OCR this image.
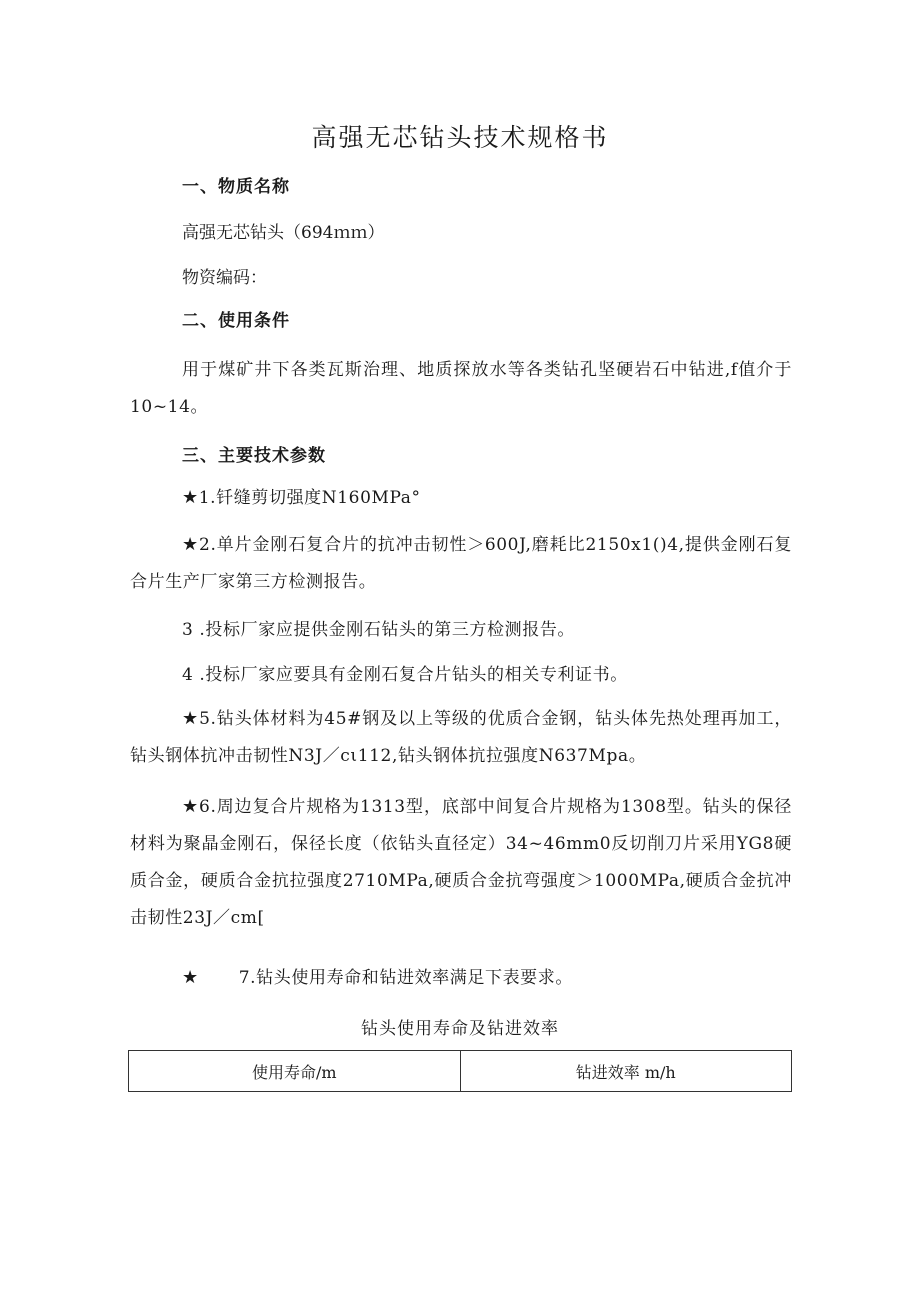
高强无芯钻头技术规格书
一、物质名称
高强无芯钻头（694ｍｍ）
物资编码：
二、使用条件
用于煤矿井下各类瓦斯治理、地质探放水等各类钻孔坚硬岩石中钻进,f值介于10~14。
三、主要技术参数
★1.钎缝剪切强度N160MPa°
★2.单片金刚石复合片的抗冲击韧性＞600J,磨耗比2150x1()4,提供金刚石复合片生产厂家第三方检测报告。
3 .投标厂家应提供金刚石钻头的第三方检测报告。
4 .投标厂家应要具有金刚石复合片钻头的相关专利证书。
★5.钻头体材料为45#钢及以上等级的优质合金钢，钻头体先热处理再加工，钻头钢体抗冲击韧性N3J／cι112,钻头钢体抗拉强度N637Mpa。
★6.周边复合片规格为1313型，底部中间复合片规格为1308型。钻头的保径材料为聚晶金刚石，保径长度（依钻头直径定）34~46mm0反切削刀片采用YG8硬质合金，硬质合金抗拉强度2710MPa,硬质合金抗弯强度＞1000MPa,硬质合金抗冲击韧性23J／cm[
★ 7.钻头使用寿命和钻进效率满足下表要求。
钻头使用寿命及钻进效率
使用寿命/m	钻进效率 m/h
